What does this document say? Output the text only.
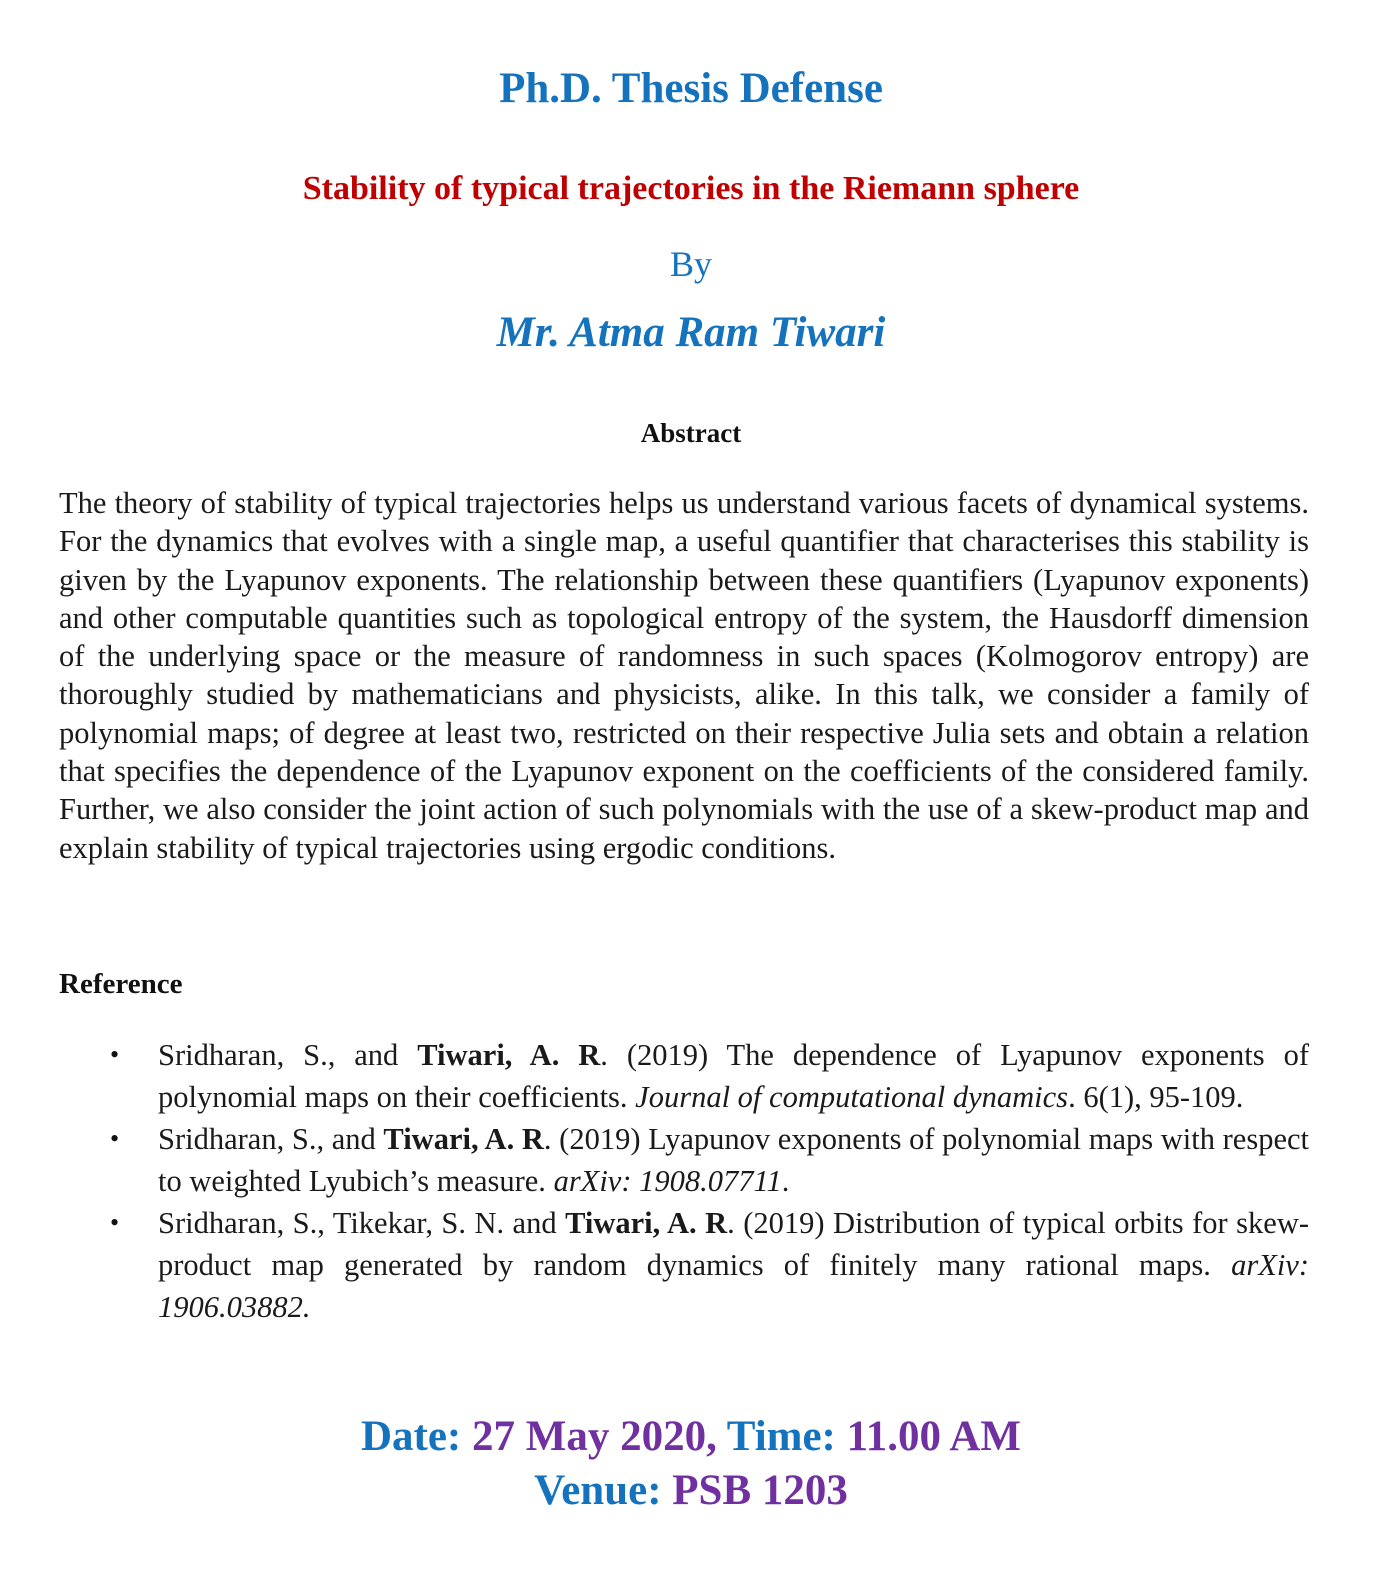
Ph.D. Thesis Defense
Stability of typical trajectories in the Riemann sphere
By
Mr. Atma Ram Tiwari
Abstract

The theory of stability of typical trajectories helps us understand various facets of dynamical systems. For the dynamics that evolves with a single map, a useful quantifier that characterises this stability is given by the Lyapunov exponents. The relationship between these quantifiers (Lyapunov exponents) and other computable quantities such as topological entropy of the system, the Hausdorff dimension of the underlying space or the measure of randomness in such spaces (Kolmogorov entropy) are thoroughly studied by mathematicians and physicists, alike. In this talk, we consider a family of polynomial maps; of degree at least two, restricted on their respective Julia sets and obtain a relation that specifies the dependence of the Lyapunov exponent on the coefficients of the considered family. Further, we also consider the joint action of such polynomials with the use of a skew-product map and explain stability of typical trajectories using ergodic conditions.

Reference
• Sridharan, S., and Tiwari, A. R. (2019) The dependence of Lyapunov exponents of polynomial maps on their coefficients. Journal of computational dynamics. 6(1), 95-109.
• Sridharan, S., and Tiwari, A. R. (2019) Lyapunov exponents of polynomial maps with respect to weighted Lyubich’s measure. arXiv: 1908.07711.
• Sridharan, S., Tikekar, S. N. and Tiwari, A. R. (2019) Distribution of typical orbits for skew-product map generated by random dynamics of finitely many rational maps. arXiv: 1906.03882.
Date: 27 May 2020, Time: 11.00 AM
Venue: PSB 1203
